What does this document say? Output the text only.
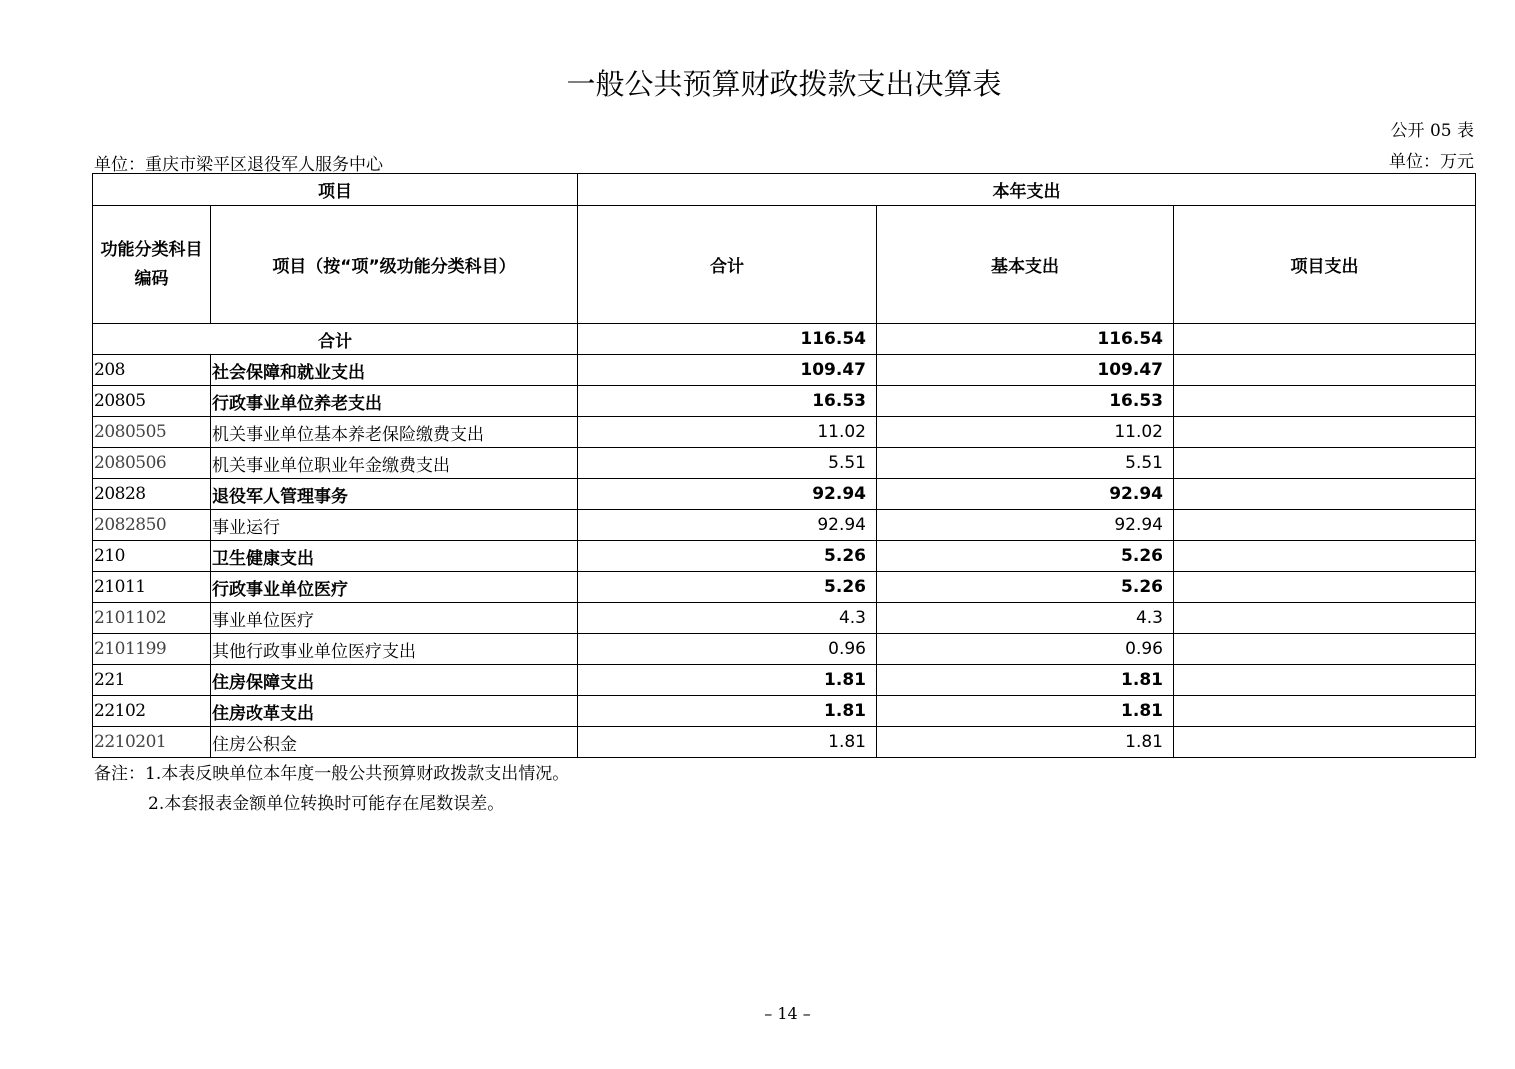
一般公共预算财政拨款支出决算表
公开 05 表
单位：重庆市梁平区退役军人服务中心	单位：万元
项目		本年支出		
功能分类科目编码	项目（按“项”级功能分类科目）	合计	基本支出	项目支出
合计		116.54	116.54	
208	社会保障和就业支出	109.47	109.47	
20805	行政事业单位养老支出	16.53	16.53	
2080505	机关事业单位基本养老保险缴费支出	11.02	11.02	
2080506	机关事业单位职业年金缴费支出	5.51	5.51	
20828	退役军人管理事务	92.94	92.94	
2082850	事业运行	92.94	92.94	
210	卫生健康支出	5.26	5.26	
21011	行政事业单位医疗	5.26	5.26	
2101102	事业单位医疗	4.3	4.3	
2101199	其他行政事业单位医疗支出	0.96	0.96	
221	住房保障支出	1.81	1.81	
22102	住房改革支出	1.81	1.81	
2210201	住房公积金	1.81	1.81	
备注：1.本表反映单位本年度一般公共预算财政拨款支出情况。
2.本套报表金额单位转换时可能存在尾数误差。
– 14 –
